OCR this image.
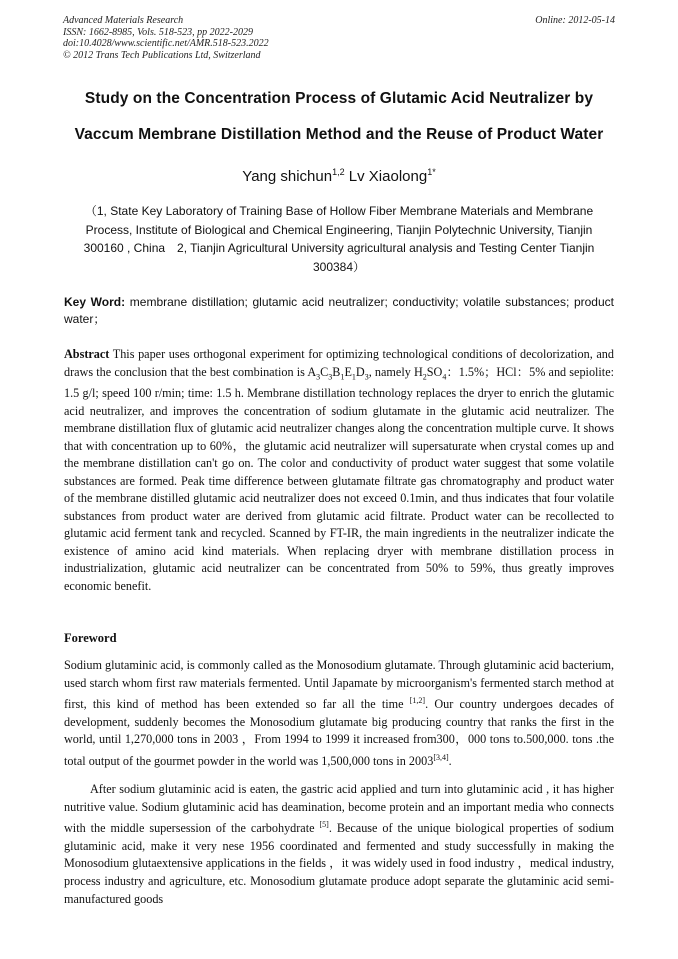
Advanced Materials Research
ISSN: 1662-8985, Vols. 518-523, pp 2022-2029
doi:10.4028/www.scientific.net/AMR.518-523.2022
© 2012 Trans Tech Publications Ltd, Switzerland
Online: 2012-05-14
Study on the Concentration Process of Glutamic Acid Neutralizer by
Vaccum Membrane Distillation Method and the Reuse of Product Water
Yang shichun$^{1,2}$ Lv Xiaolong$^{1*}$
（1, State Key Laboratory of Training Base of Hollow Fiber Membrane Materials and Membrane Process, Institute of Biological and Chemical Engineering, Tianjin Polytechnic University, Tianjin 300160 , China　2, Tianjin Agricultural University agricultural analysis and Testing Center Tianjin 300384）
Key Word: membrane distillation; glutamic acid neutralizer; conductivity; volatile substances; product water；
Abstract This paper uses orthogonal experiment for optimizing technological conditions of decolorization, and draws the conclusion that the best combination is $A_3C_3B_1E_1D_3$, namely $H_2SO_4$：1.5%；HCl：5% and sepiolite: 1.5 g/l; speed 100 r/min; time: 1.5 h. Membrane distillation technology replaces the dryer to enrich the glutamic acid neutralizer, and improves the concentration of sodium glutamate in the glutamic acid neutralizer. The membrane distillation flux of glutamic acid neutralizer changes along the concentration multiple curve. It shows that with concentration up to 60%，the glutamic acid neutralizer will supersaturate when crystal comes up and the membrane distillation can't go on. The color and conductivity of product water suggest that some volatile substances are formed. Peak time difference between glutamate filtrate gas chromatography and product water of the membrane distilled glutamic acid neutralizer does not exceed 0.1min, and thus indicates that four volatile substances from product water are derived from glutamic acid filtrate. Product water can be recollected to glutamic acid ferment tank and recycled. Scanned by FT-IR, the main ingredients in the neutralizer indicate the existence of amino acid kind materials. When replacing dryer with membrane distillation process in industrialization, glutamic acid neutralizer can be concentrated from 50% to 59%, thus greatly improves economic benefit.
Foreword
Sodium glutaminic acid, is commonly called as the Monosodium glutamate. Through glutaminic acid bacterium, used starch whom first raw materials fermented. Until Japamate by microorganism's fermented starch method at first, this kind of method has been extended so far all the time [1,2]. Our country undergoes decades of development, suddenly becomes the Monosodium glutamate big producing country that ranks the first in the world, until 1,270,000 tons in 2003 ，From 1994 to 1999 it increased from300，000 tons to.500,000. tons .the total output of the gourmet powder in the world was 1,500,000 tons in 2003[3,4].
After sodium glutaminic acid is eaten, the gastric acid applied and turn into glutaminic acid , it has higher nutritive value. Sodium glutaminic acid has deamination, become protein and an important media who connects with the middle supersession of the carbohydrate [5]. Because of the unique biological properties of sodium glutaminic acid, make it very nese 1956 coordinated and fermented and study successfully in making the Monosodium glutaextensive applications in the fields ，it was widely used in food industry ，medical industry, process industry and agriculture, etc. Monosodium glutamate produce adopt separate the glutaminic acid semi-manufactured goods
